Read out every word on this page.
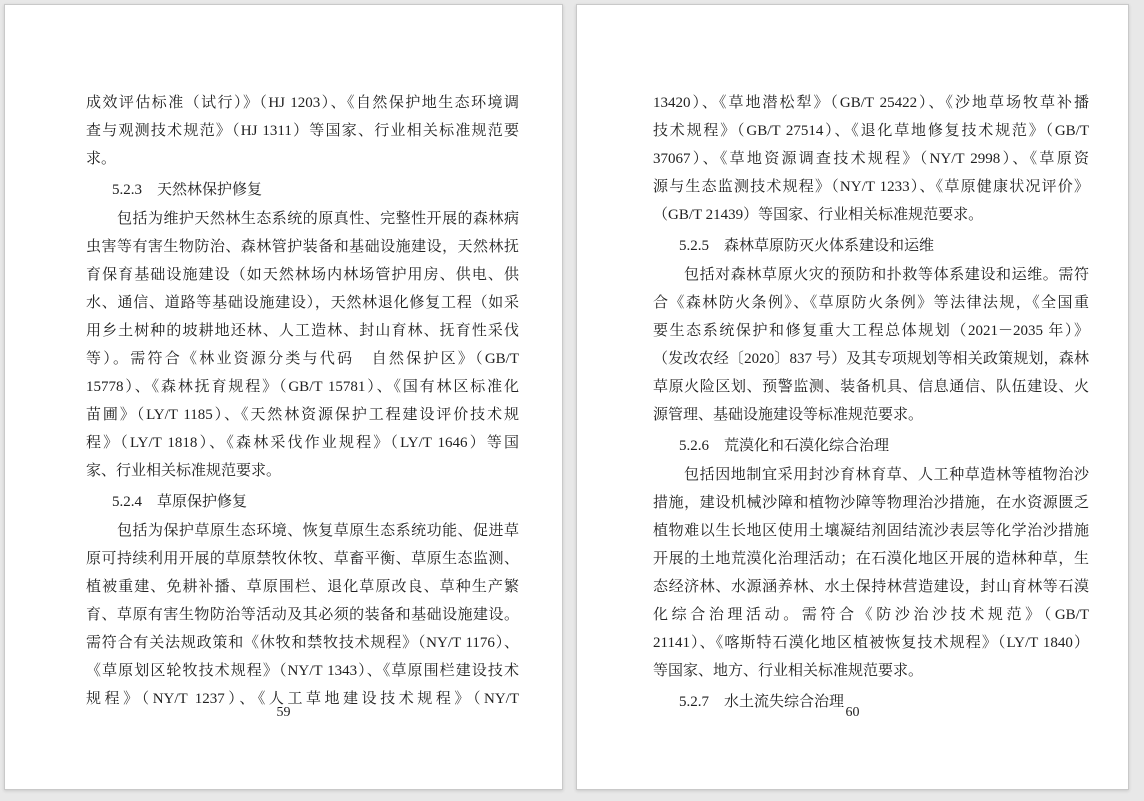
成效评估标准（试行）》（HJ 1203）、《自然保护地生态环境调
查与观测技术规范》（HJ 1311）等国家、行业相关标准规范要
求。
5.2.3　天然林保护修复
包括为维护天然林生态系统的原真性、完整性开展的森林病
虫害等有害生物防治、森林管护装备和基础设施建设，天然林抚
育保育基础设施建设（如天然林场内林场管护用房、供电、供
水、通信、道路等基础设施建设），天然林退化修复工程（如采
用乡土树种的坡耕地还林、人工造林、封山育林、抚育性采伐
等）。需符合《林业资源分类与代码　自然保护区》（GB/T
15778）、《森林抚育规程》（GB/T 15781）、《国有林区标准化
苗圃》（LY/T 1185）、《天然林资源保护工程建设评价技术规
程》（LY/T 1818）、《森林采伐作业规程》（LY/T 1646）等国
家、行业相关标准规范要求。
5.2.4　草原保护修复
包括为保护草原生态环境、恢复草原生态系统功能、促进草
原可持续利用开展的草原禁牧休牧、草畜平衡、草原生态监测、
植被重建、免耕补播、草原围栏、退化草原改良、草种生产繁
育、草原有害生物防治等活动及其必须的装备和基础设施建设。
需符合有关法规政策和《休牧和禁牧技术规程》（NY/T 1176）、
《草原划区轮牧技术规程》（NY/T 1343）、《草原围栏建设技术
规程》（NY/T 1237）、《人工草地建设技术规程》（NY/T
59
13420）、《草地潜松犁》（GB/T 25422）、《沙地草场牧草补播
技术规程》（GB/T 27514）、《退化草地修复技术规范》（GB/T
37067）、《草地资源调查技术规程》（NY/T 2998）、《草原资
源与生态监测技术规程》（NY/T 1233）、《草原健康状况评价》
（GB/T 21439）等国家、行业相关标准规范要求。
5.2.5　森林草原防灭火体系建设和运维
包括对森林草原火灾的预防和扑救等体系建设和运维。需符
合《森林防火条例》、《草原防火条例》等法律法规，《全国重
要生态系统保护和修复重大工程总体规划（2021－2035 年）》
（发改农经〔2020〕837 号）及其专项规划等相关政策规划，森林
草原火险区划、预警监测、装备机具、信息通信、队伍建设、火
源管理、基础设施建设等标准规范要求。
5.2.6　荒漠化和石漠化综合治理
包括因地制宜采用封沙育林育草、人工种草造林等植物治沙
措施，建设机械沙障和植物沙障等物理治沙措施，在水资源匮乏
植物难以生长地区使用土壤凝结剂固结流沙表层等化学治沙措施
开展的土地荒漠化治理活动；在石漠化地区开展的造林种草，生
态经济林、水源涵养林、水土保持林营造建设，封山育林等石漠
化综合治理活动。需符合《防沙治沙技术规范》（GB/T
21141）、《喀斯特石漠化地区植被恢复技术规程》（LY/T 1840）
等国家、地方、行业相关标准规范要求。
5.2.7　水土流失综合治理
60
